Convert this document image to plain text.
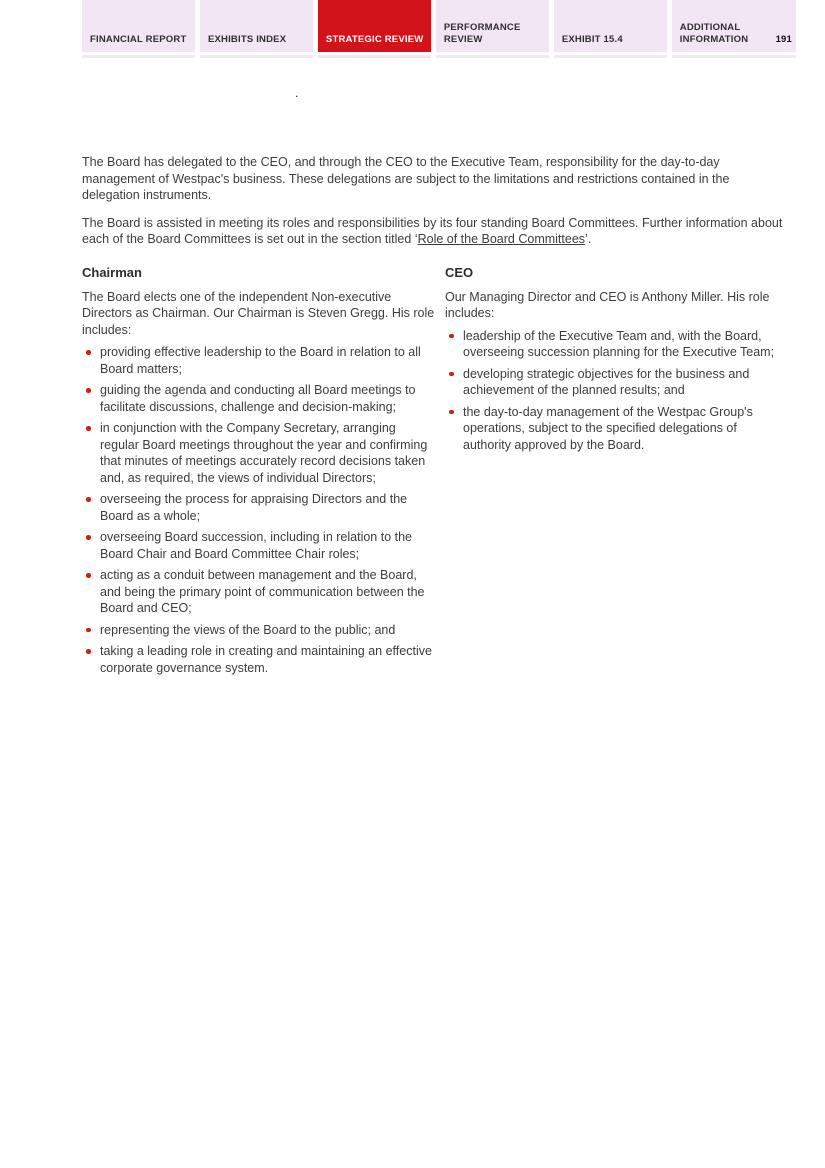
FINANCIAL REPORT	EXHIBITS INDEX	STRATEGIC REVIEW
PERFORMANCE REVIEW	EXHIBIT 15.4
ADDITIONAL INFORMATION	191
.

The Board has delegated to the CEO, and through the CEO to the Executive Team, responsibility for the day-to-day management of Westpac's business. These delegations are subject to the limitations and restrictions contained in the delegation instruments.

The Board is assisted in meeting its roles and responsibilities by its four standing Board Committees. Further information about each of the Board Committees is set out in the section titled ‘Role of the Board Committees’.

Chairman

The Board elects one of the independent Non-executive Directors as Chairman. Our Chairman is Steven Gregg. His role includes:

providing effective leadership to the Board in relation to all Board matters;
guiding the agenda and conducting all Board meetings to facilitate discussions, challenge and decision-making;
in conjunction with the Company Secretary, arranging regular Board meetings throughout the year and confirming that minutes of meetings accurately record decisions taken and, as required, the views of individual Directors;
overseeing the process for appraising Directors and the Board as a whole;
overseeing Board succession, including in relation to the Board Chair and Board Committee Chair roles;
acting as a conduit between management and the Board, and being the primary point of communication between the Board and CEO;
representing the views of the Board to the public; and
taking a leading role in creating and maintaining an effective corporate governance system.
CEO

Our Managing Director and CEO is Anthony Miller. His role includes:

leadership of the Executive Team and, with the Board, overseeing succession planning for the Executive Team;
developing strategic objectives for the business and achievement of the planned results; and
the day-to-day management of the Westpac Group's operations, subject to the specified delegations of authority approved by the Board.
